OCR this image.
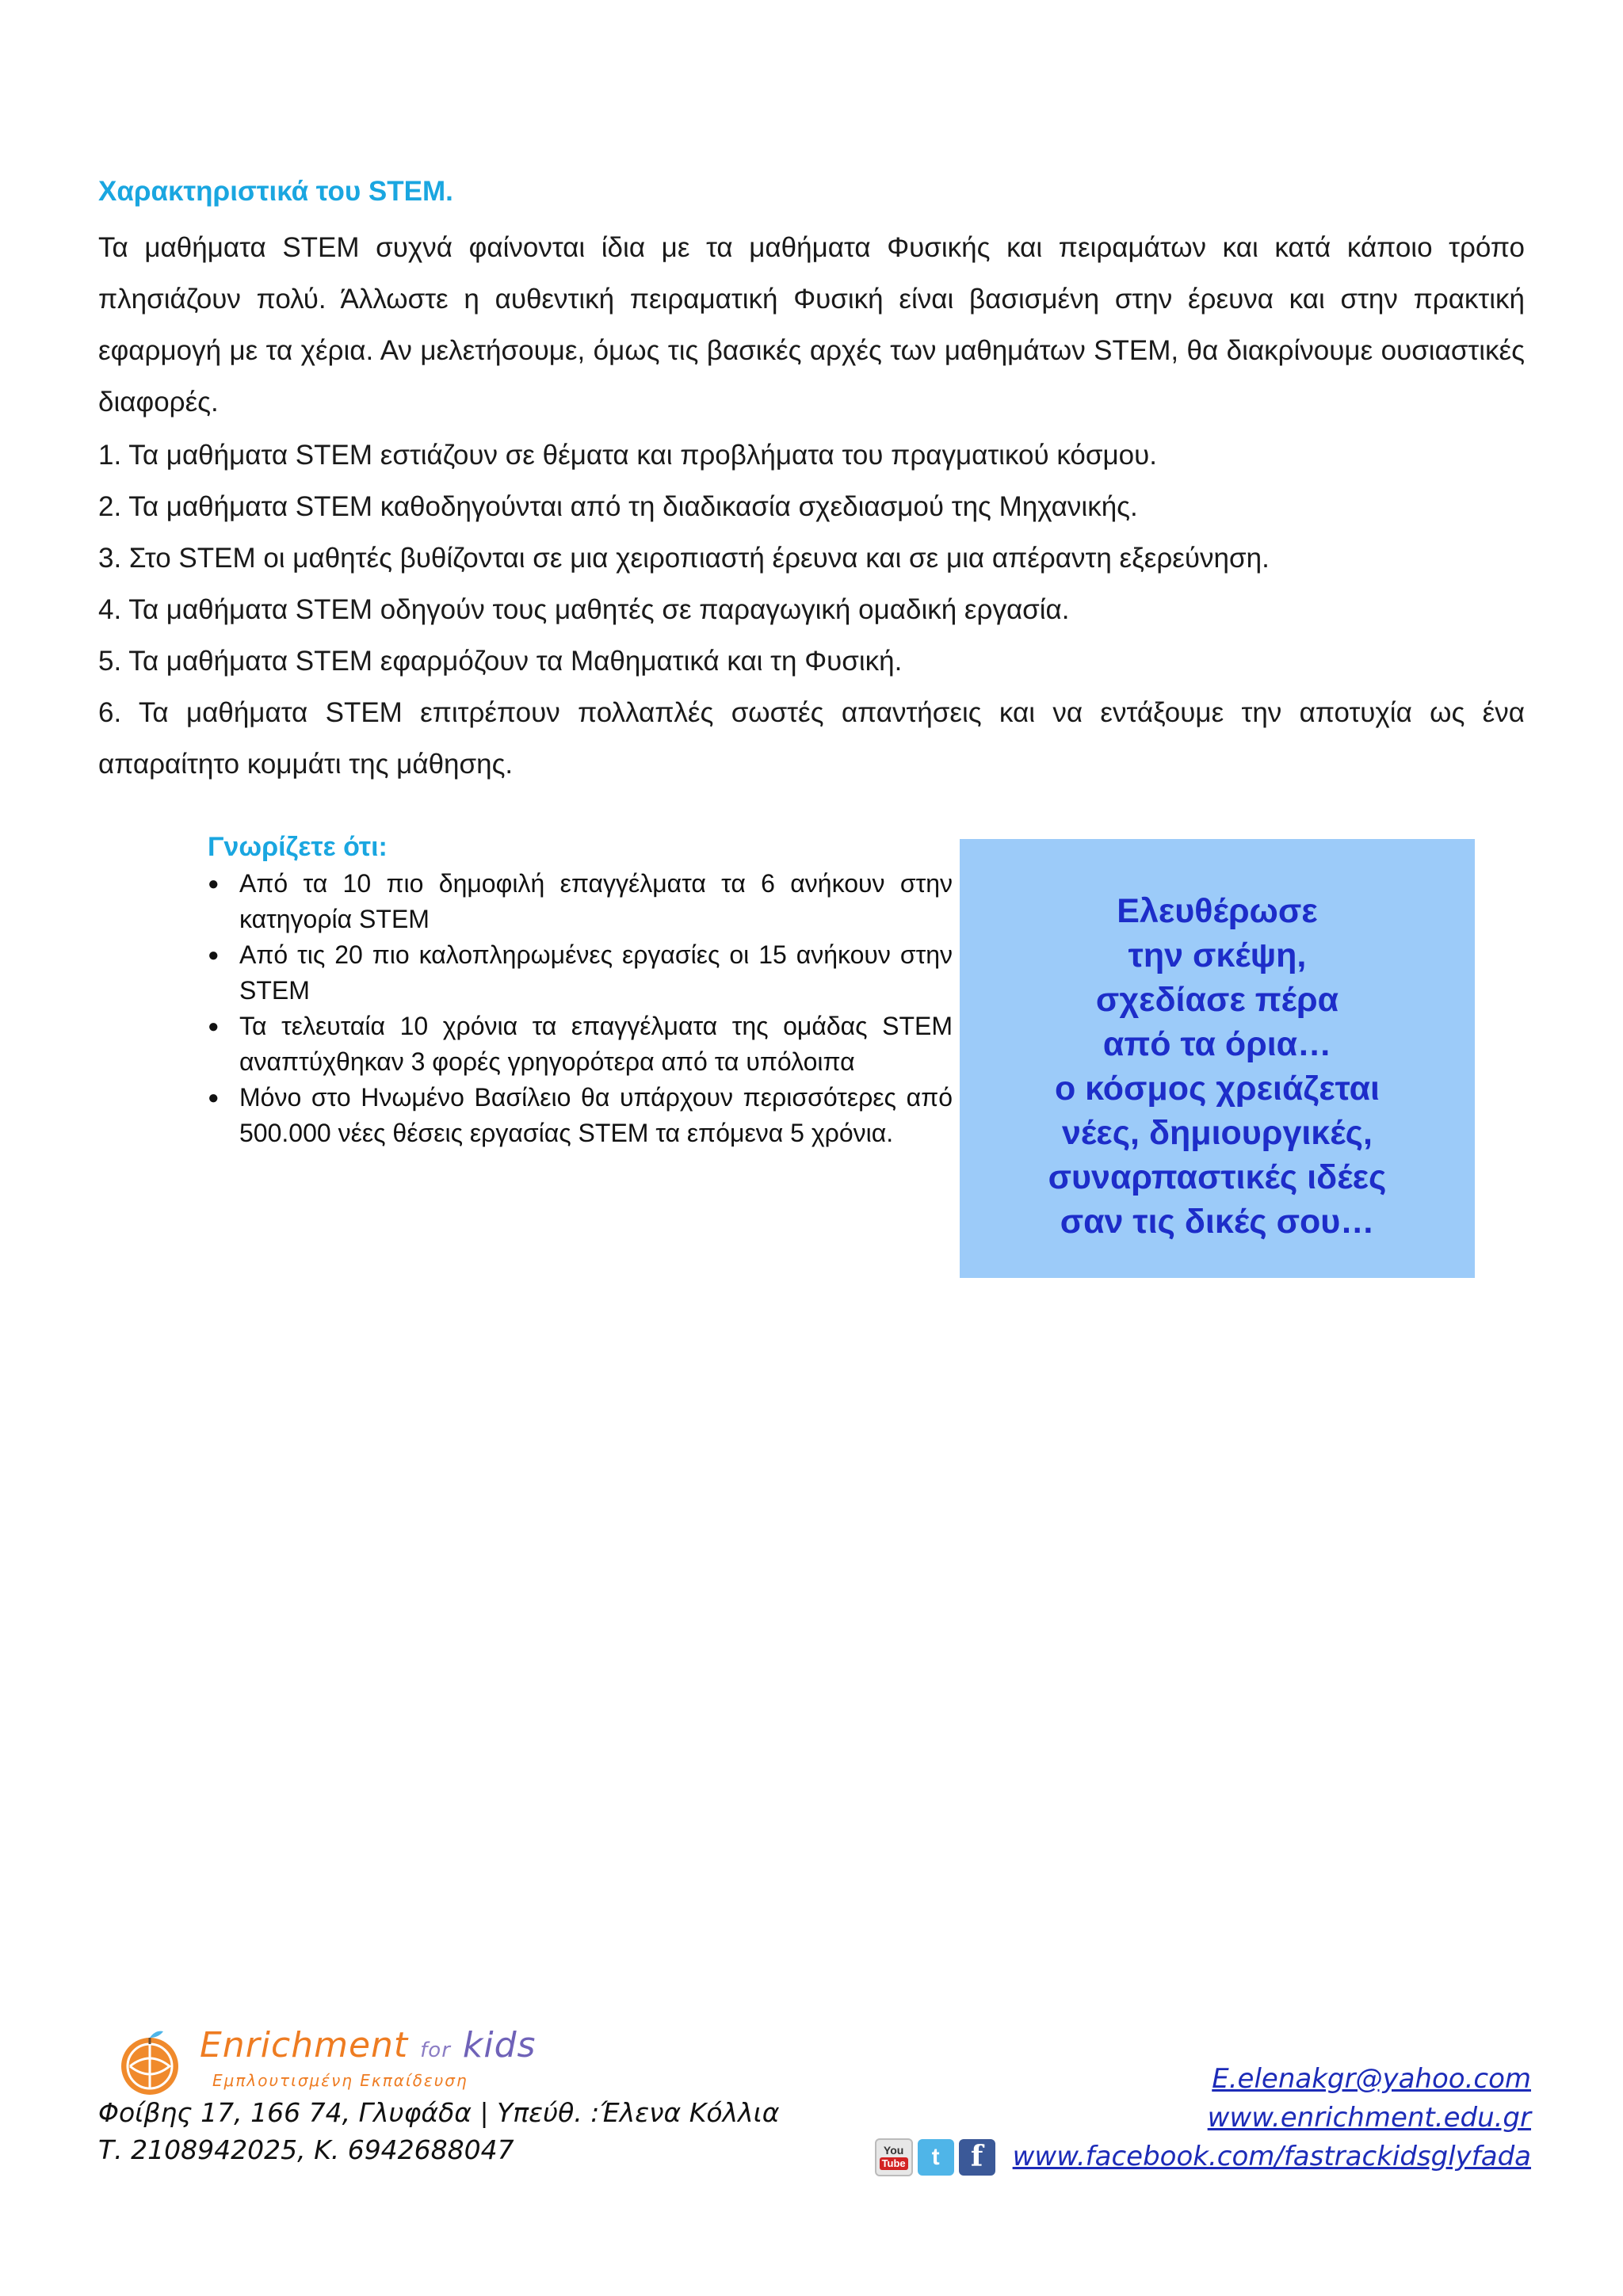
Χαρακτηριστικά του STEM.

Τα μαθήματα STEM συχνά φαίνονται ίδια με τα μαθήματα Φυσικής και πειραμάτων και κατά κάποιο τρόπο πλησιάζουν πολύ. Άλλωστε η αυθεντική πειραματική Φυσική είναι βασισμένη στην έρευνα και στην πρακτική εφαρμογή με τα χέρια. Αν μελετήσουμε, όμως τις βασικές αρχές των μαθημάτων STEM, θα διακρίνουμε ουσιαστικές διαφορές.

1. Τα μαθήματα STEM εστιάζουν σε θέματα και προβλήματα του πραγματικού κόσμου.
2. Τα μαθήματα STEM καθοδηγούνται από τη διαδικασία σχεδιασμού της Μηχανικής.
3. Στο STEM οι μαθητές βυθίζονται σε μια χειροπιαστή έρευνα και σε μια απέραντη εξερεύνηση.
4. Τα μαθήματα STEM οδηγούν τους μαθητές σε παραγωγική ομαδική εργασία.
5. Τα μαθήματα STEM εφαρμόζουν τα Μαθηματικά και τη Φυσική.
6. Τα μαθήματα STEM επιτρέπουν πολλαπλές σωστές απαντήσεις και να εντάξουμε την αποτυχία ως ένα απαραίτητο κομμάτι της μάθησης.
Γνωρίζετε ότι:
● Από τα 10 πιο δημοφιλή επαγγέλματα τα 6 ανήκουν στην κατηγορία STEM
● Από τις 20 πιο καλοπληρωμένες εργασίες οι 15 ανήκουν στην STEM
● Τα τελευταία 10 χρόνια τα επαγγέλματα της ομάδας STEM αναπτύχθηκαν 3 φορές γρηγορότερα από τα υπόλοιπα
● Μόνο στο Ηνωμένο Βασίλειο θα υπάρχουν περισσότερες από 500.000 νέες θέσεις εργασίας STEM τα επόμενα 5 χρόνια.
Ελευθέρωσε
την σκέψη,
σχεδίασε πέρα
από τα όρια…
ο κόσμος χρειάζεται
νέες, δημιουργικές,
συναρπαστικές ιδέες
σαν τις δικές σου…
Enrichment for kids
Εμπλουτισμένη Εκπαίδευση
Φοίβης 17, 166 74, Γλυφάδα | Υπεύθ. :Έλενα Κόλλια
Τ. 2108942025, Κ. 6942688047
E.elenakgr@yahoo.com
www.enrichment.edu.gr
You
Tube	t	f	www.facebook.com/fastrackidsglyfada
